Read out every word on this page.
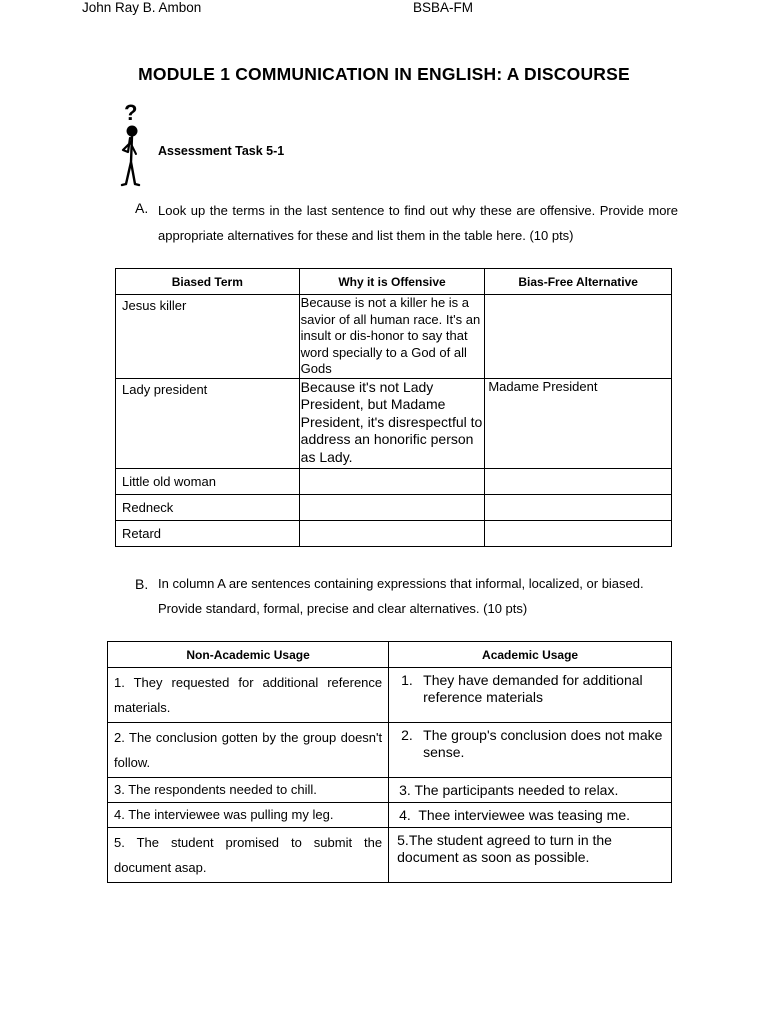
John Ray B. Ambon	BSBA-FM
MODULE 1 COMMUNICATION IN ENGLISH: A DISCOURSE
?
Assessment Task 5-1
A. Look up the terms in the last sentence to find out why these are offensive. Provide more appropriate alternatives for these and list them in the table here. (10 pts)
Biased Term	Why it is Offensive	Bias-Free Alternative
Jesus killer	Because is not a killer he is a savior of all human race. It's an insult or dis-honor to say that word specially to a God of all Gods	
Lady president	Because it's not Lady President, but Madame President, it's disrespectful to address an honorific person as Lady.	Madame President
Little old woman		
Redneck		
Retard		
B. In column A are sentences containing expressions that informal, localized, or biased. Provide standard, formal, precise and clear alternatives. (10 pts)
Non-Academic Usage	Academic Usage
1. They requested for additional reference materials.	1. They have demanded for additional reference materials

2. The conclusion gotten by the group doesn't follow.	2. The group's conclusion does not make sense.

3. The respondents needed to chill.	3. The participants needed to relax.
4. The interviewee was pulling my leg.	4.  Thee interviewee was teasing me.
5. The student promised to submit the document asap.	5.The student agreed to turn in the document as soon as possible.
